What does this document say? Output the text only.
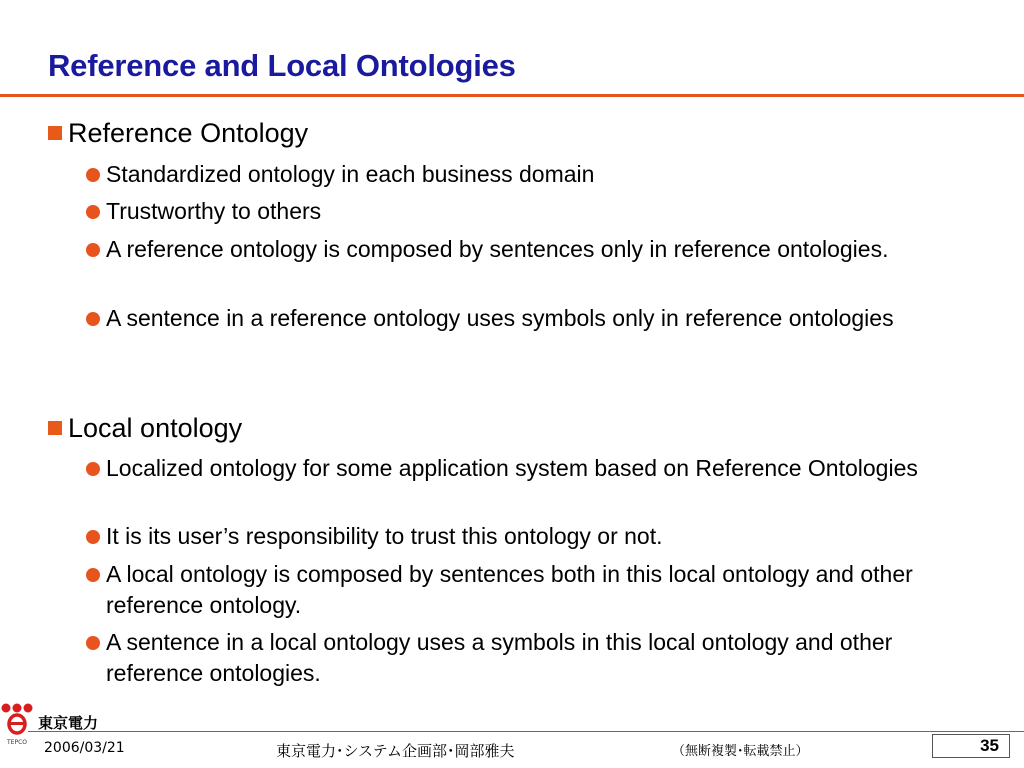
Reference and Local Ontologies
Reference Ontology
Standardized ontology in each business domain
Trustworthy to others
A reference ontology is composed by sentences only in reference ontologies.
A sentence in a reference ontology uses symbols only in reference ontologies
Local ontology
Localized ontology for some application system based on Reference Ontologies
It is its user’s responsibility to trust this ontology or not.
A local ontology is composed by sentences both in this local ontology and other reference ontology.
A sentence in a local ontology uses a symbols in this local ontology and other reference ontologies.
TEPCO
東京電力
2006/03/21	東京電力･システム企画部･岡部雅夫	（無断複製･転載禁止）	35
